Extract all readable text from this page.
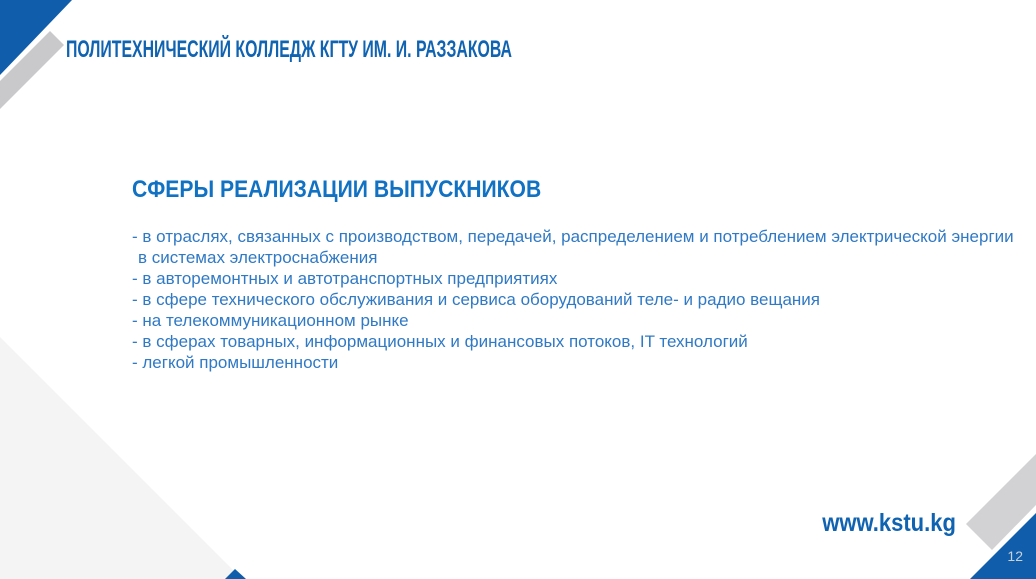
ПОЛИТЕХНИЧЕСКИЙ КОЛЛЕДЖ КГТУ ИМ. И. РАЗЗАКОВА
СФЕРЫ РЕАЛИЗАЦИИ ВЫПУСКНИКОВ
- в отраслях, связанных с производством, передачей, распределением и потреблением электрической энергии
в системах электроснабжения
- в авторемонтных и автотранспортных предприятиях
- в сфере технического обслуживания и сервиса оборудований теле- и радио вещания
- на телекоммуникационном рынке
- в сферах товарных, информационных и финансовых потоков, IT технологий
- легкой промышленности
www.kstu.kg
12
